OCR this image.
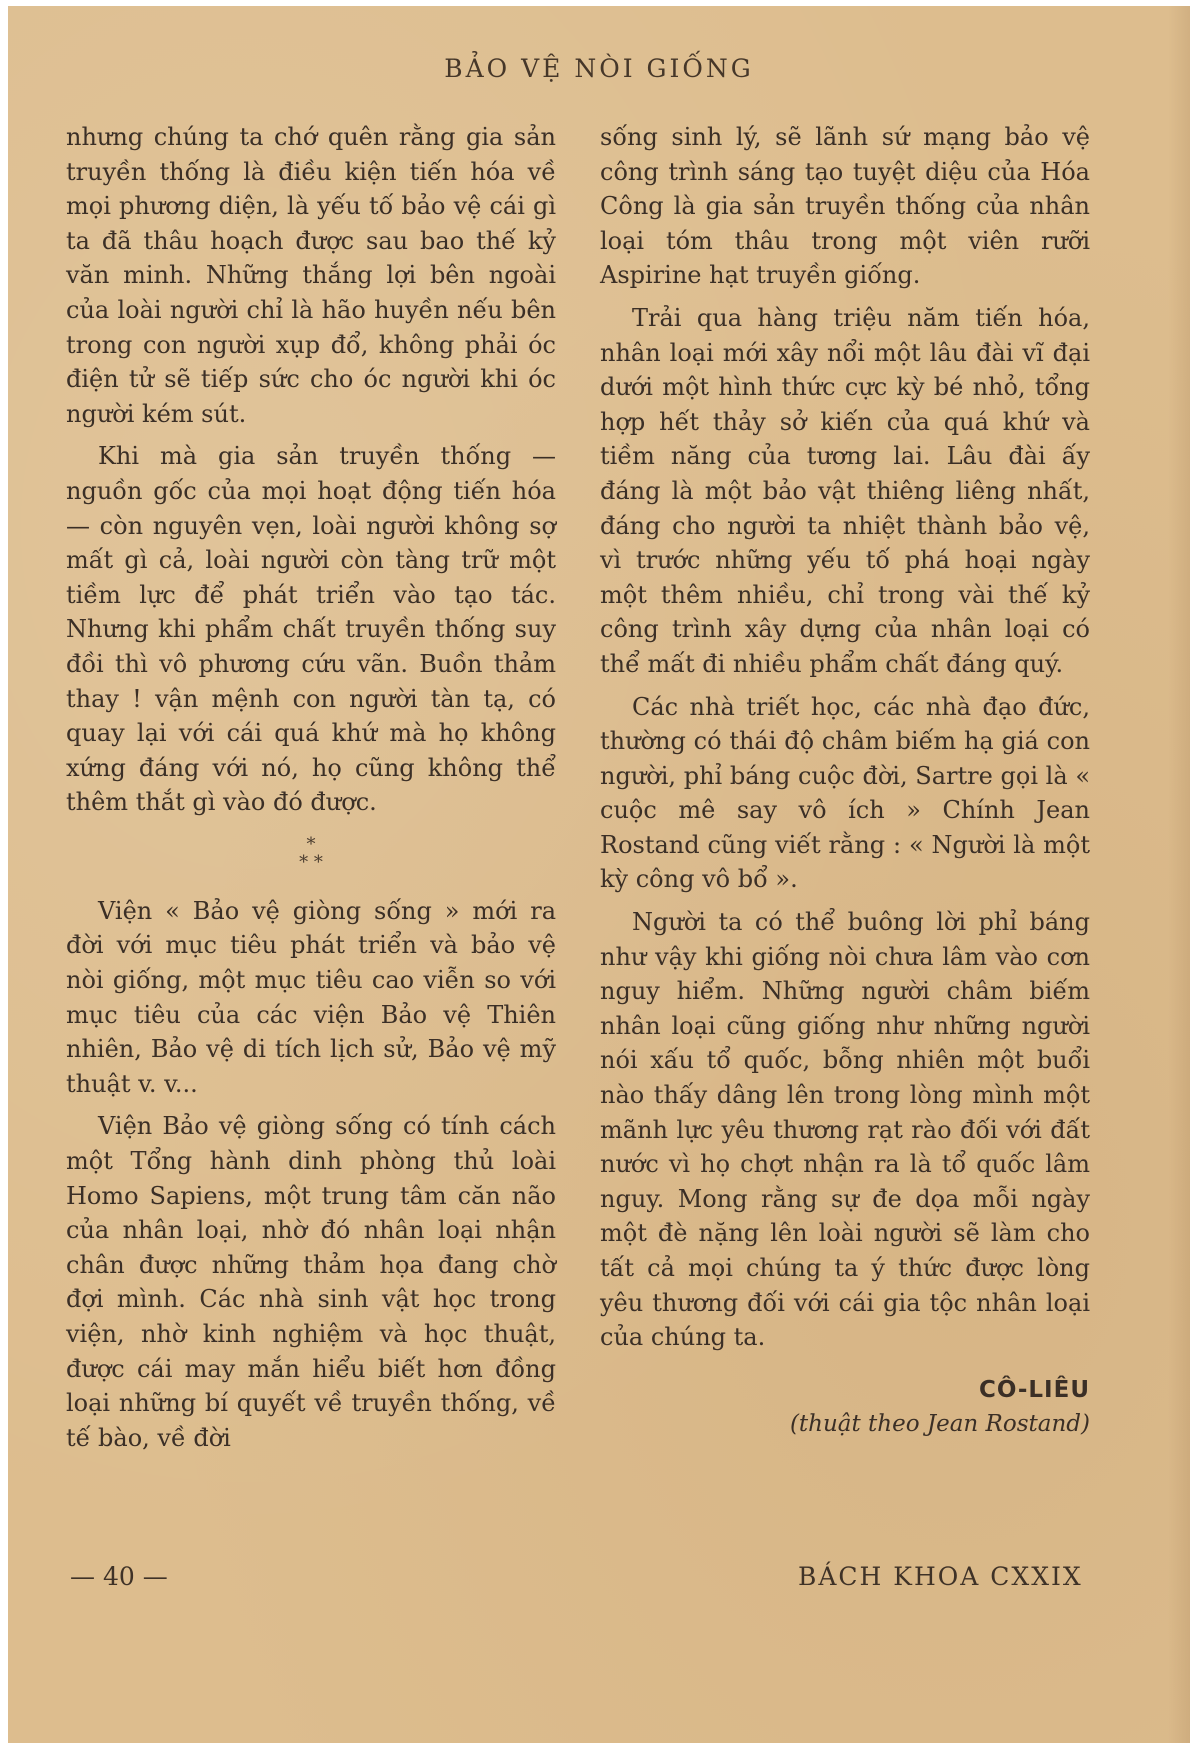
BẢO VỆ NÒI GIỐNG

nhưng chúng ta chớ quên rằng gia sản truyền thống là điều kiện tiến hóa về mọi phương diện, là yếu tố bảo vệ cái gì ta đã thâu hoạch được sau bao thế kỷ văn minh. Những thắng lợi bên ngoài của loài người chỉ là hão huyền nếu bên trong con người xụp đổ, không phải óc điện tử sẽ tiếp sức cho óc người khi óc người kém sút.

Khi mà gia sản truyền thống — nguồn gốc của mọi hoạt động tiến hóa — còn nguyên vẹn, loài người không sợ mất gì cả, loài người còn tàng trữ một tiềm lực để phát triển vào tạo tác. Nhưng khi phẩm chất truyền thống suy đồi thì vô phương cứu vãn. Buồn thảm thay ! vận mệnh con người tàn tạ, có quay lại với cái quá khứ mà họ không xứng đáng với nó, họ cũng không thể thêm thắt gì vào đó được.

*
* *

Viện « Bảo vệ giòng sống » mới ra đời với mục tiêu phát triển và bảo vệ nòi giống, một mục tiêu cao viễn so với mục tiêu của các viện Bảo vệ Thiên nhiên, Bảo vệ di tích lịch sử, Bảo vệ mỹ thuật v. v...

Viện Bảo vệ giòng sống có tính cách một Tổng hành dinh phòng thủ loài Homo Sapiens, một trung tâm căn não của nhân loại, nhờ đó nhân loại nhận chân được những thảm họa đang chờ đợi mình. Các nhà sinh vật học trong viện, nhờ kinh nghiệm và học thuật, được cái may mắn hiểu biết hơn đồng loại những bí quyết về truyền thống, về tế bào, về đời

sống sinh lý, sẽ lãnh sứ mạng bảo vệ công trình sáng tạo tuyệt diệu của Hóa Công là gia sản truyền thống của nhân loại tóm thâu trong một viên rưỡi Aspirine hạt truyền giống.

Trải qua hàng triệu năm tiến hóa, nhân loại mới xây nổi một lâu đài vĩ đại dưới một hình thức cực kỳ bé nhỏ, tổng hợp hết thảy sở kiến của quá khứ và tiềm năng của tương lai. Lâu đài ấy đáng là một bảo vật thiêng liêng nhất, đáng cho người ta nhiệt thành bảo vệ, vì trước những yếu tố phá hoại ngày một thêm nhiều, chỉ trong vài thế kỷ công trình xây dựng của nhân loại có thể mất đi nhiều phẩm chất đáng quý.

Các nhà triết học, các nhà đạo đức, thường có thái độ châm biếm hạ giá con người, phỉ báng cuộc đời, Sartre gọi là « cuộc mê say vô ích » Chính Jean Rostand cũng viết rằng : « Người là một kỳ công vô bổ ».

Người ta có thể buông lời phỉ báng như vậy khi giống nòi chưa lâm vào cơn nguy hiểm. Những người châm biếm nhân loại cũng giống như những người nói xấu tổ quốc, bỗng nhiên một buổi nào thấy dâng lên trong lòng mình một mãnh lực yêu thương rạt rào đối với đất nước vì họ chợt nhận ra là tổ quốc lâm nguy. Mong rằng sự đe dọa mỗi ngày một đè nặng lên loài người sẽ làm cho tất cả mọi chúng ta ý thức được lòng yêu thương đối với cái gia tộc nhân loại của chúng ta.

CÔ-LIÊU
(thuật theo Jean Rostand)
— 40 —	BÁCH KHOA CXXIX
